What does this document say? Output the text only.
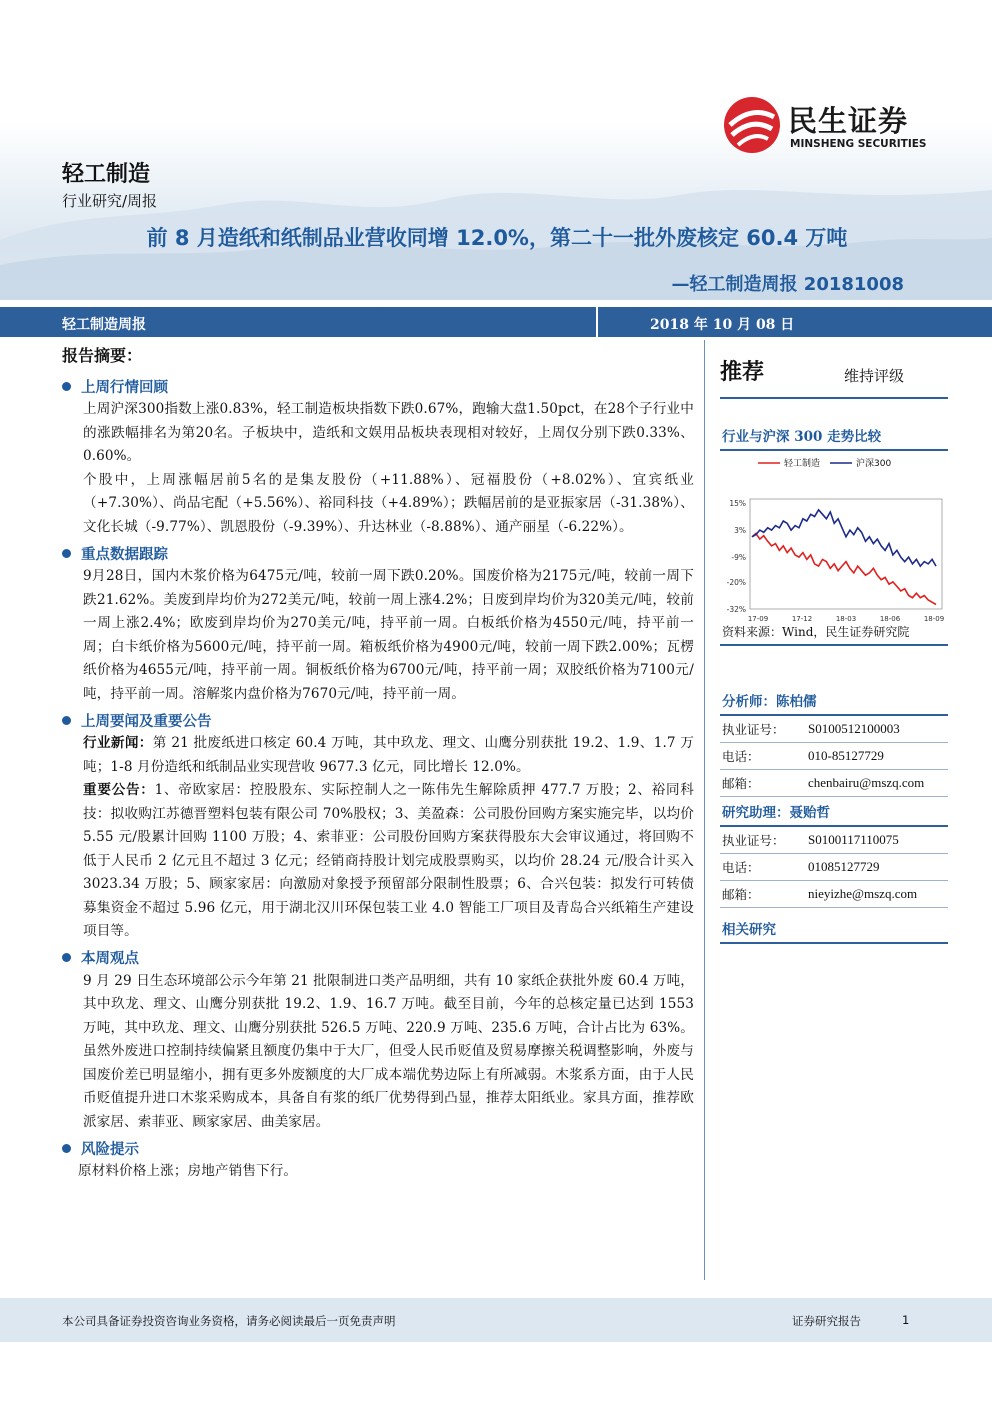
民生证券
MINSHENG SECURITIES
轻工制造
行业研究/周报
前 8 月造纸和纸制品业营收同增 12.0%，第二十一批外废核定 60.4 万吨
—轻工制造周报 20181008
轻工制造周报	2018 年 10 月 08 日
报告摘要：
上周行情回顾

上周沪深300指数上涨0.83%，轻工制造板块指数下跌0.67%，跑输大盘1.50pct，在28个子行业中的涨跌幅排名为第20名。子板块中，造纸和文娱用品板块表现相对较好，上周仅分别下跌0.33%、0.60%。

个股中，上周涨幅居前5名的是集友股份（+11.88%）、冠福股份（+8.02%）、宜宾纸业（+7.30%）、尚品宅配（+5.56%）、裕同科技（+4.89%）；跌幅居前的是亚振家居（-31.38%）、文化长城（-9.77%）、凯恩股份（-9.39%）、升达林业（-8.88%）、通产丽星（-6.22%）。

重点数据跟踪

9月28日，国内木浆价格为6475元/吨，较前一周下跌0.20%。国废价格为2175元/吨，较前一周下跌21.62%。美废到岸均价为272美元/吨，较前一周上涨4.2%；日废到岸均价为320美元/吨，较前一周上涨2.4%；欧废到岸均价为270美元/吨，持平前一周。白板纸价格为4550元/吨，持平前一周；白卡纸价格为5600元/吨，持平前一周。箱板纸价格为4900元/吨，较前一周下跌2.00%；瓦楞纸价格为4655元/吨，持平前一周。铜板纸价格为6700元/吨，持平前一周；双胶纸价格为7100元/吨，持平前一周。溶解浆内盘价格为7670元/吨，持平前一周。

上周要闻及重要公告

行业新闻：第 21 批废纸进口核定 60.4 万吨，其中玖龙、理文、山鹰分别获批 19.2、1.9、1.7 万吨；1-8 月份造纸和纸制品业实现营收 9677.3 亿元，同比增长 12.0%。

重要公告：1、帝欧家居：控股股东、实际控制人之一陈伟先生解除质押 477.7 万股；2、裕同科技：拟收购江苏德晋塑料包装有限公司 70%股权；3、美盈森：公司股份回购方案实施完毕，以均价 5.55 元/股累计回购 1100 万股；4、索菲亚：公司股份回购方案获得股东大会审议通过，将回购不低于人民币 2 亿元且不超过 3 亿元；经销商持股计划完成股票购买，以均价 28.24 元/股合计买入 3023.34 万股；5、顾家家居：向激励对象授予预留部分限制性股票；6、合兴包装：拟发行可转债募集资金不超过 5.96 亿元，用于湖北汉川环保包装工业 4.0 智能工厂项目及青岛合兴纸箱生产建设项目等。

本周观点

9 月 29 日生态环境部公示今年第 21 批限制进口类产品明细，共有 10 家纸企获批外废 60.4 万吨，其中玖龙、理文、山鹰分别获批 19.2、1.9、16.7 万吨。截至目前，今年的总核定量已达到 1553 万吨，其中玖龙、理文、山鹰分别获批 526.5 万吨、220.9 万吨、235.6 万吨，合计占比为 63%。虽然外废进口控制持续偏紧且额度仍集中于大厂，但受人民币贬值及贸易摩擦关税调整影响，外废与国废价差已明显缩小，拥有更多外废额度的大厂成本端优势边际上有所减弱。木浆系方面，由于人民币贬值提升进口木浆采购成本，具备自有浆的纸厂优势得到凸显，推荐太阳纸业。家具方面，推荐欧派家居、索菲亚、顾家家居、曲美家居。

风险提示

原材料价格上涨；房地产销售下行。

推荐	维持评级
行业与沪深 300 走势比较
轻工制造	沪深300
15%
3%
-9%
-20%
-32%
17-09	17-12	18-03	18-06	18-09
资料来源：Wind，民生证券研究院
分析师：陈柏儒
执业证号：	S0100512100003
电话：	010-85127729
邮箱：	chenbairu@mszq.com
研究助理：聂贻哲
执业证号：	S0100117110075
电话：	01085127729
邮箱：	nieyizhe@mszq.com
相关研究
本公司具备证券投资咨询业务资格，请务必阅读最后一页免责声明	证券研究报告	1
